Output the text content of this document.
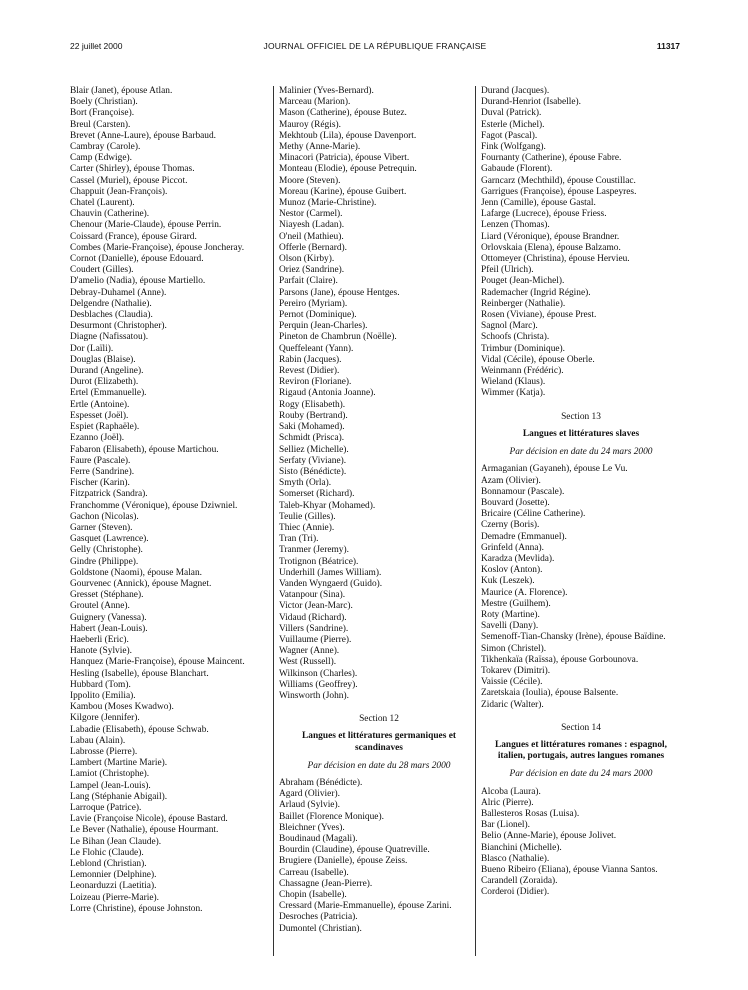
22 juillet 2000	JOURNAL OFFICIEL DE LA RÉPUBLIQUE FRANÇAISE	11317
Blair (Janet), épouse Atlan.
Boely (Christian).
Bort (Françoise).
Breul (Carsten).
Brevet (Anne-Laure), épouse Barbaud.
Cambray (Carole).
Camp (Edwige).
Carter (Shirley), épouse Thomas.
Cassel (Muriel), épouse Piccot.
Chappuit (Jean-François).
Chatel (Laurent).
Chauvin (Catherine).
Chenour (Marie-Claude), épouse Perrin.
Coissard (France), épouse Girard.
Combes (Marie-Françoise), épouse Joncheray.
Cornot (Danielle), épouse Edouard.
Coudert (Gilles).
D'amelio (Nadia), épouse Martiello.
Debray-Duhamel (Anne).
Delgendre (Nathalie).
Desblaches (Claudia).
Desurmont (Christopher).
Diagne (Nafissatou).
Dor (Laïli).
Douglas (Blaise).
Durand (Angeline).
Durot (Elizabeth).
Ertel (Emmanuelle).
Ertle (Antoine).
Espesset (Joël).
Espiet (Raphaële).
Ezanno (Joël).
Fabaron (Elisabeth), épouse Martichou.
Faure (Pascale).
Ferre (Sandrine).
Fischer (Karin).
Fitzpatrick (Sandra).
Franchomme (Véronique), épouse Dziwniel.
Gachon (Nicolas).
Garner (Steven).
Gasquet (Lawrence).
Gelly (Christophe).
Gindre (Philippe).
Goldstone (Naomi), épouse Malan.
Gourvenec (Annick), épouse Magnet.
Gresset (Stéphane).
Groutel (Anne).
Guignery (Vanessa).
Habert (Jean-Louis).
Haeberli (Eric).
Hanote (Sylvie).
Hanquez (Marie-Françoise), épouse Maincent.
Hesling (Isabelle), épouse Blanchart.
Hubbard (Tom).
Ippolito (Emilia).
Kambou (Moses Kwadwo).
Kilgore (Jennifer).
Labadie (Elisabeth), épouse Schwab.
Labau (Alain).
Labrosse (Pierre).
Lambert (Martine Marie).
Lamiot (Christophe).
Lampel (Jean-Louis).
Lang (Stéphanie Abigail).
Larroque (Patrice).
Lavie (Françoise Nicole), épouse Bastard.
Le Bever (Nathalie), épouse Hourmant.
Le Bihan (Jean Claude).
Le Flohic (Claude).
Leblond (Christian).
Lemonnier (Delphine).
Leonarduzzi (Laetitia).
Loizeau (Pierre-Marie).
Lorre (Christine), épouse Johnston.
Malinier (Yves-Bernard).
Marceau (Marion).
Mason (Catherine), épouse Butez.
Mauroy (Régis).
Mekhtoub (Lila), épouse Davenport.
Methy (Anne-Marie).
Minacori (Patricia), épouse Vibert.
Monteau (Elodie), épouse Petrequin.
Moore (Steven).
Moreau (Karine), épouse Guibert.
Munoz (Marie-Christine).
Nestor (Carmel).
Niayesh (Ladan).
O'neil (Mathieu).
Offerle (Bernard).
Olson (Kirby).
Oriez (Sandrine).
Parfait (Claire).
Parsons (Jane), épouse Hentges.
Pereiro (Myriam).
Pernot (Dominique).
Perquin (Jean-Charles).
Pineton de Chambrun (Noëlle).
Queffeleant (Yann).
Rabin (Jacques).
Revest (Didier).
Reviron (Floriane).
Rigaud (Antonia Joanne).
Rogy (Elisabeth).
Rouby (Bertrand).
Saki (Mohamed).
Schmidt (Prisca).
Selliez (Michelle).
Serfaty (Viviane).
Sisto (Bénédicte).
Smyth (Orla).
Somerset (Richard).
Taleb-Khyar (Mohamed).
Teulie (Gilles).
Thiec (Annie).
Tran (Tri).
Tranmer (Jeremy).
Trotignon (Béatrice).
Underhill (James William).
Vanden Wyngaerd (Guido).
Vatanpour (Sina).
Victor (Jean-Marc).
Vidaud (Richard).
Villers (Sandrine).
Vuillaume (Pierre).
Wagner (Anne).
West (Russell).
Wilkinson (Charles).
Williams (Geoffrey).
Winsworth (John).
Section 12
Langues et littératures germaniques et scandinaves
Par décision en date du 28 mars 2000
Abraham (Bénédicte).
Agard (Olivier).
Arlaud (Sylvie).
Baillet (Florence Monique).
Bleichner (Yves).
Boudinaud (Magali).
Bourdin (Claudine), épouse Quatreville.
Brugiere (Danielle), épouse Zeiss.
Carreau (Isabelle).
Chassagne (Jean-Pierre).
Chopin (Isabelle).
Cressard (Marie-Emmanuelle), épouse Zarini.
Desroches (Patricia).
Dumontel (Christian).
Durand (Jacques).
Durand-Henriot (Isabelle).
Duval (Patrick).
Esterle (Michel).
Fagot (Pascal).
Fink (Wolfgang).
Fournanty (Catherine), épouse Fabre.
Gabaude (Florent).
Garncarz (Mechthild), épouse Coustillac.
Garrigues (Françoise), épouse Laspeyres.
Jenn (Camille), épouse Gastal.
Lafarge (Lucrece), épouse Friess.
Lenzen (Thomas).
Liard (Véronique), épouse Brandner.
Orlovskaia (Elena), épouse Balzamo.
Ottomeyer (Christina), épouse Hervieu.
Pfeil (Ulrich).
Pouget (Jean-Michel).
Rademacher (Ingrid Régine).
Reinberger (Nathalie).
Rosen (Viviane), épouse Prest.
Sagnol (Marc).
Schoofs (Christa).
Trimbur (Dominique).
Vidal (Cécile), épouse Oberle.
Weinmann (Frédéric).
Wieland (Klaus).
Wimmer (Katja).
Section 13
Langues et littératures slaves
Par décision en date du 24 mars 2000
Armaganian (Gayaneh), épouse Le Vu.
Azam (Olivier).
Bonnamour (Pascale).
Bouvard (Josette).
Bricaire (Céline Catherine).
Czerny (Boris).
Demadre (Emmanuel).
Grinfeld (Anna).
Karadza (Mevlida).
Koslov (Anton).
Kuk (Leszek).
Maurice (A. Florence).
Mestre (Guilhem).
Roty (Martine).
Savelli (Dany).
Semenoff-Tian-Chansky (Irène), épouse Baïdine.
Simon (Christel).
Tikhenkaïa (Raïssa), épouse Gorbounova.
Tokarev (Dimitri).
Vaissie (Cécile).
Zaretskaia (Ioulia), épouse Balsente.
Zidaric (Walter).
Section 14
Langues et littératures romanes : espagnol, italien, portugais, autres langues romanes
Par décision en date du 24 mars 2000
Alcoba (Laura).
Alric (Pierre).
Ballesteros Rosas (Luisa).
Bar (Lionel).
Belio (Anne-Marie), épouse Jolivet.
Bianchini (Michelle).
Blasco (Nathalie).
Bueno Ribeiro (Eliana), épouse Vianna Santos.
Carandell (Zoraida).
Corderoi (Didier).
